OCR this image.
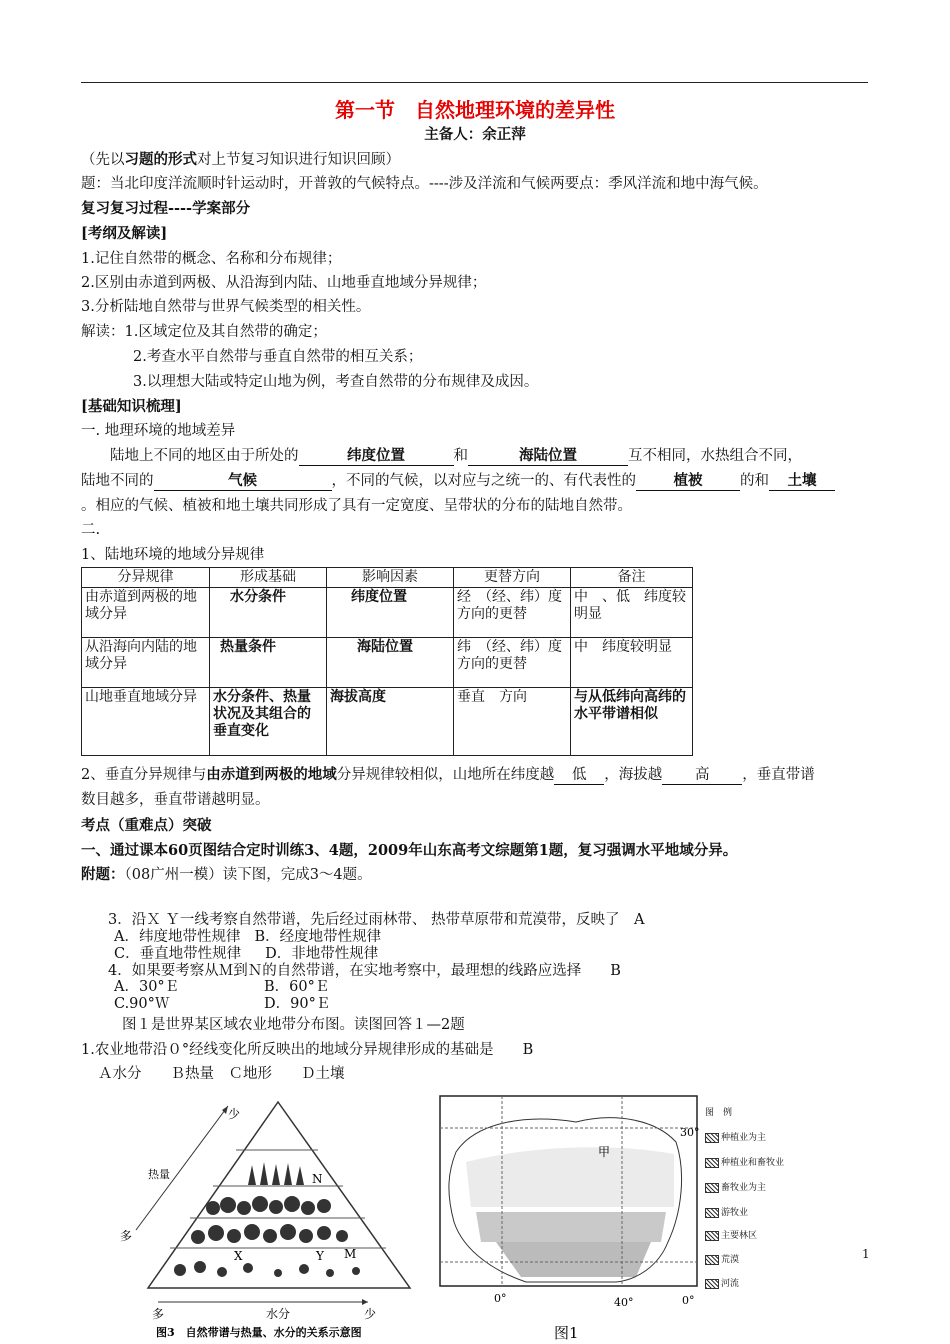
第一节　自然地理环境的差异性
主备人：余正萍
（先以习题的形式对上节复习知识进行知识回顾）
题：当北印度洋流顺时针运动时，开普敦的气候特点。----涉及洋流和气候两要点：季风洋流和地中海气候。
复习复习过程----学案部分
[考纲及解读]
1.记住自然带的概念、名称和分布规律；
2.区别由赤道到两极、从沿海到内陆、山地垂直地域分异规律；
3.分析陆地自然带与世界气候类型的相关性。
解读：1.区域定位及其自然带的确定；
2.考查水平自然带与垂直自然带的相互关系；
3.以理想大陆或特定山地为例，考查自然带的分布规律及成因。
[基础知识梳理]
一. 地理环境的地域差异
陆地上不同的地区由于所处的	纬度位置	和	海陆位置	互不相同，水热组合不同，
陆地不同的	气候	，不同的气候，以对应与之统一的、有代表性的	植被	的和 土壤
。相应的气候、植被和地土壤共同形成了具有一定宽度、呈带状的分布的陆地自然带。
二.
1、陆地环境的地域分异规律
分异规律	形成基础	影响因素	更替方向	备注
由赤道到两极的地域分异	水分条件	纬度位置	经　（经、纬）度方向的更替	中　、低　纬度较明显
从沿海向内陆的地域分异	热量条件	海陆位置	纬　（经、纬）度方向的更替	中　纬度较明显
山地垂直地域分异	水分条件、热量状况及其组合的垂直变化	海拔高度	垂直　方向	与从低纬向高纬的水平带谱相似
2、垂直分异规律与由赤道到两极的地域分异规律较相似，山地所在纬度越 低 ，海拔越 高 ，垂直带谱
数目越多，垂直带谱越明显。
考点（重难点）突破
一、通过课本60页图结合定时训练3、4题，2009年山东高考文综题第1题，复习强调水平地域分异。
附题：（08广州一模）读下图，完成3～4题。
3．沿Ｘ Ｙ一线考察自然带谱，先后经过雨林带、 热带草原带和荒漠带，反映了　A
A．纬度地带性规律 B．经度地带性规律
C．垂直地带性规律 D．非地带性规律
4．如果要考察从Ｍ到Ｎ的自然带谱，在实地考察中，最理想的线路应选择　　B
A．30°Ｅ	B．60°Ｅ
C.90°Ｗ	D．90°Ｅ
图１是世界某区域农业地带分布图。读图回答１—2题
1.农业地带沿０°经线变化所反映出的地域分异规律形成的基础是　　B
Ａ水分　　Ｂ热量　Ｃ地形　　Ｄ土壤
少
热量
多
多	水分	少
N
X	Y M
图3　自然带谱与热量、水分的关系示意图
甲
30°
0°
0°	40°
图1
图　例
种植业为主
种植业和畜牧业
畜牧业为主
游牧业
主要林区
荒漠
河流
1
